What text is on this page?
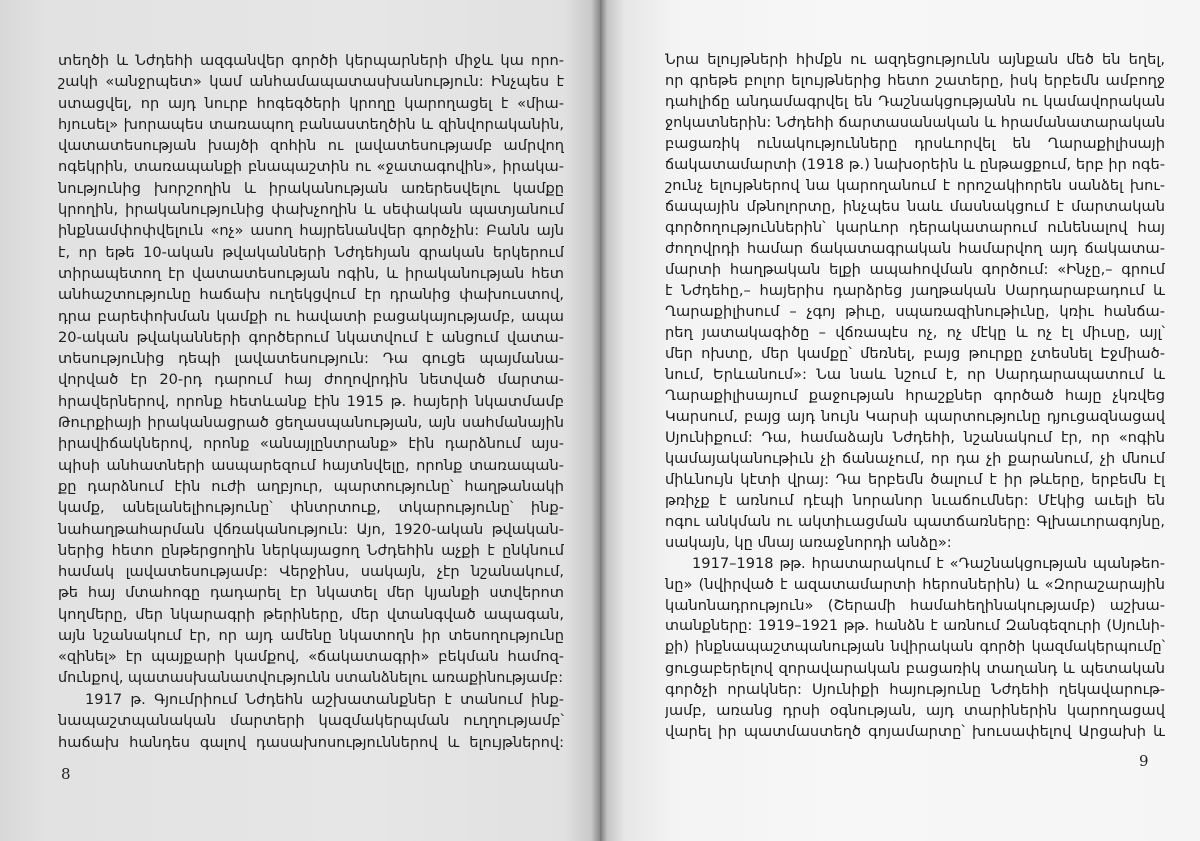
տեղծի և Նժդեհի ազգանվեր գործի կերպարների միջև կա որո-
շակի «անջրպետ» կամ անհամապատասխանություն: Ինչպես է
ստացվել, որ այդ նուրբ հոգեգծերի կրողը կարողացել է «միա-
հյուսել» խորապես տառապող բանաստեղծին և զինվորականին,
վատատեսության խայծի զոհին ու լավատեսությամբ ամրվող
ոգեկրին, տառապանքի բնապաշտին ու «ջատագովին», իրակա-
նությունից խորշողին և իրականության առերեսվելու կամքը
կրողին, իրականությունից փախչողին և սեփական պատյանում
ինքնամփոփվելուն «ոչ» ասող հայրենանվեր գործչին: Բանն այն
է, որ եթե 10-ական թվականների Նժդեհյան գրական երկերում
տիրապետող էր վատատեսության ոգին, և իրականության հետ
անհաշտությունը հաճախ ուղեկցվում էր դրանից փախուստով,
դրա բարեփոխման կամքի ու հավատի բացակայությամբ, ապա
20-ական թվականների գործերում նկատվում է անցում վատա-
տեսությունից դեպի լավատեսություն: Դա գուցե պայմանա-
վորված էր 20-րդ դարում հայ ժողովրդին նետված մարտա-
հրավերներով, որոնք հետևանք էին 1915 թ. հայերի նկատմամբ
Թուրքիայի իրականացրած ցեղասպանության, այն սահմանային
իրավիճակներով, որոնք «անայլընտրանք» էին դարձնում այս-
պիսի անհատների ասպարեզում հայտնվելը, որոնք տառապան-
քը դարձնում էին ուժի աղբյուր, պարտությունը՝ հաղթանակի
կամք, անելանելիությունը՝ փնտրտուք, տկարությունը՝ ինք-
նահաղթահարման վճռականություն: Այո, 1920-ական թվական-
ներից հետո ընթերցողին ներկայացող Նժդեհին աչքի է ընկնում
համակ լավատեսությամբ: Վերջինս, սակայն, չէր նշանակում,
թե հայ մտահոգը դադարել էր նկատել մեր կյանքի ստվերոտ
կողմերը, մեր նկարագրի թերիները, մեր վտանգված ապագան,
այն նշանակում էր, որ այդ ամենը նկատողն իր տեսողությունը
«զինել» էր պայքարի կամքով, «ճակատագրի» բեկման համոզ-
մունքով, պատասխանատվությունն ստանձնելու առաքինությամբ:
1917 թ. Գյումրիում Նժդեհն աշխատանքներ է տանում ինք-
նապաշտպանական մարտերի կազմակերպման ուղղությամբ՝
հաճախ հանդես գալով դասախոսություններով և ելույթներով:
8
Նրա ելույթների հիմքն ու ազդեցությունն այնքան մեծ են եղել,
որ գրեթե բոլոր ելույթներից հետո շատերը, իսկ երբեմն ամբողջ
դահլիճը անդամագրվել են Դաշնակցությանն ու կամավորական
ջոկատներին: Նժդեհի ճարտասանական և հրամանատարական
բացառիկ ունակությունները դրսևորվել են Ղարաքիլիսայի
ճակատամարտի (1918 թ.) նախօրեին և ընթացքում, երբ իր ոգե-
շունչ ելույթներով նա կարողանում է որոշակիորեն սանձել խու-
ճապային մթնոլորտը, ինչպես նաև մասնակցում է մարտական
գործողություններին՝ կարևոր դերակատարում ունենալով հայ
ժողովրդի համար ճակատագրական համարվող այդ ճակատա-
մարտի հաղթական ելքի ապահովման գործում: «Ինչը,– գրում
է Նժդեհը,– հայերիս դարձրեց յաղթական Սարդարաբադում և
Ղարաքիլիսում – չգոյ թիւը, սպառազինութիւնը, կռիւ հանճա-
րեղ յատակագիծը – վճռապէս ոչ, ոչ մէկը և ոչ էլ միւսը, այլ՝
մեր ոխտը, մեր կամքը՝ մեռնել, բայց թուրքը չտեսնել Էջմիած-
նում, Երևանում»: Նա նաև նշում է, որ Սարդարապատում և
Ղարաքիլիսայում քաջության հրաշքներ գործած հայը չկռվեց
Կարսում, բայց այդ նույն Կարսի պարտությունը դյուցազնացավ
Սյունիքում: Դա, համաձայն Նժդեհի, նշանակում էր, որ «ոգին
կամայականութիւն չի ճանաչում, որ դա չի քարանում, չի մնում
միևնույն կէտի վրայ: Դա երբեմն ծալում է իր թևերը, երբեմն էլ
թռիչք է առնում դէպի նորանոր նւաճումներ: Մէկից աւելի են
ոգու անկման ու ակտիւացման պատճառները: Գլխաւորագոյնը,
սակայն, կը մնայ առաջնորդի անձը»:
1917–1918 թթ. հրատարակում է «Դաշնակցության պանթեո-
նը» (նվիրված է ազատամարտի հերոսներին) և «Զորաշարային
կանոնադրություն» (Շերամի համահեղինակությամբ) աշխա-
տանքները: 1919–1921 թթ. հանձն է առնում Զանգեզուրի (Սյունի-
քի) ինքնապաշտպանության նվիրական գործի կազմակերպումը՝
ցուցաբերելով զորավարական բացառիկ տաղանդ և պետական
գործչի որակներ: Սյունիքի հայությունը Նժդեհի ղեկավարութ-
յամբ, առանց դրսի օգնության, այդ տարիներին կարողացավ
վարել իր պատմաստեղծ գոյամարտը՝ խուսափելով Արցախի և
9
